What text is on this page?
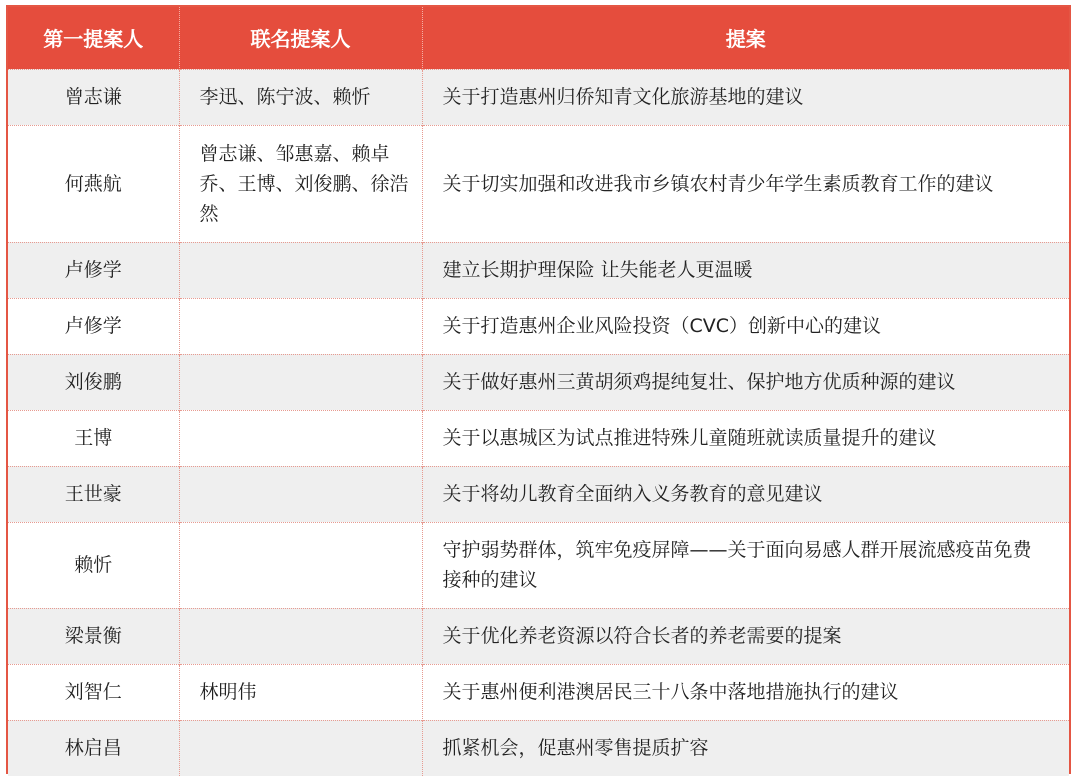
第一提案人	联名提案人	提案
曾志谦	李迅、陈宁波、赖忻	关于打造惠州归侨知青文化旅游基地的建议
何燕航	曾志谦、邹惠嘉、赖卓乔、王博、刘俊鹏、徐浩然	关于切实加强和改进我市乡镇农村青少年学生素质教育工作的建议
卢修学		建立长期护理保险 让失能老人更温暖
卢修学		关于打造惠州企业风险投资（CVC）创新中心的建议
刘俊鹏		关于做好惠州三黄胡须鸡提纯复壮、保护地方优质种源的建议
王博		关于以惠城区为试点推进特殊儿童随班就读质量提升的建议
王世豪		关于将幼儿教育全面纳入义务教育的意见建议
赖忻		守护弱势群体，筑牢免疫屏障——关于面向易感人群开展流感疫苗免费接种的建议
梁景衡		关于优化养老资源以符合长者的养老需要的提案
刘智仁	林明伟	关于惠州便利港澳居民三十八条中落地措施执行的建议
林启昌		抓紧机会，促惠州零售提质扩容
